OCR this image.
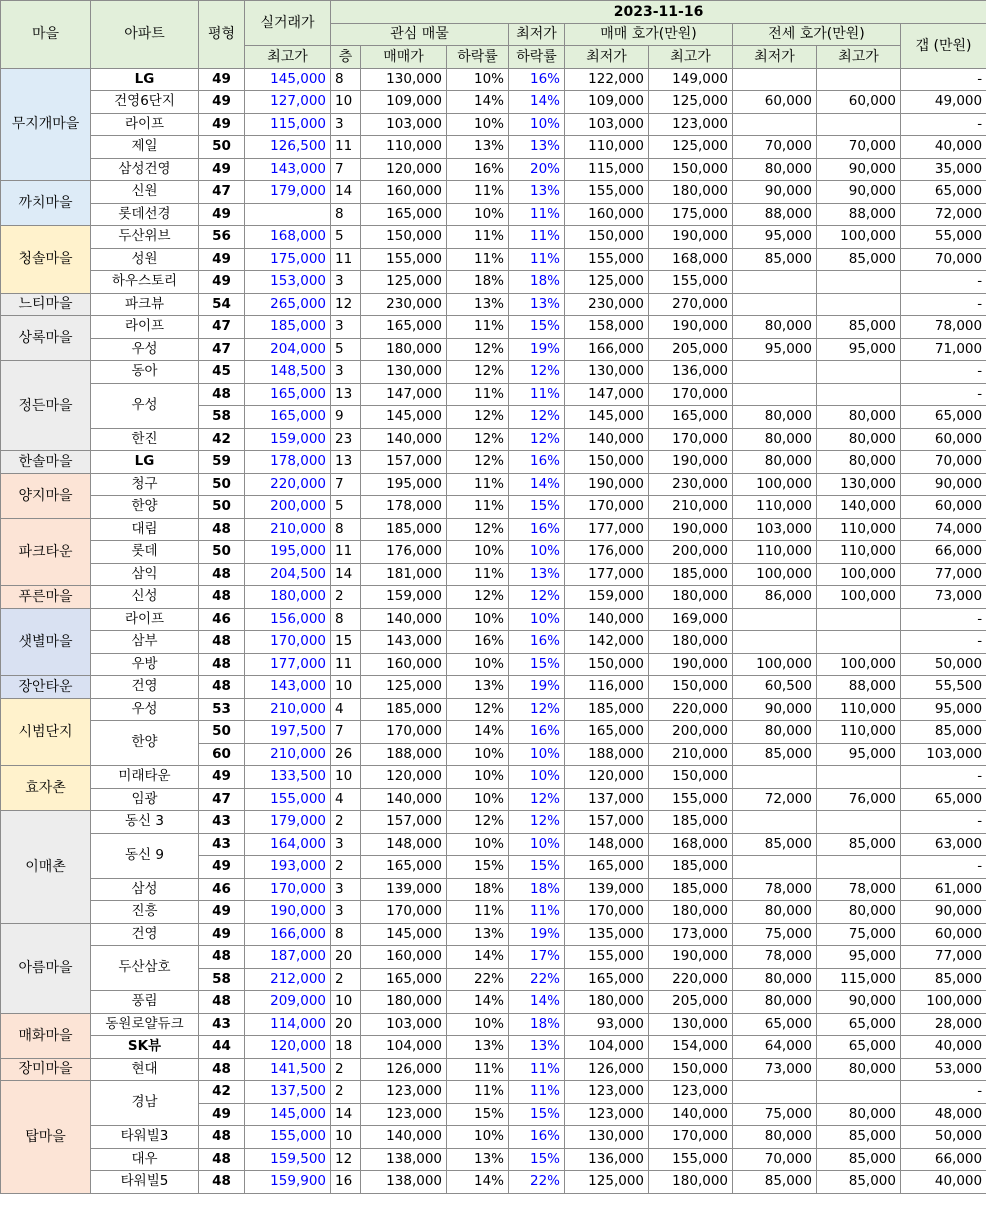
마을	아파트	평형	실거래가	2023-11-16								
				관심 매물			최저가	매매 호가(만원)		전세 호가(만원)		갭 (만원)
			최고가	층	매매가	하락률	하락률	최저가	최고가	최저가	최고가	
무지개마을	LG	49	145,000	8	130,000	10%	16%	122,000	149,000			-
	건영6단지	49	127,000	10	109,000	14%	14%	109,000	125,000	60,000	60,000	49,000
	라이프	49	115,000	3	103,000	10%	10%	103,000	123,000			-
	제일	50	126,500	11	110,000	13%	13%	110,000	125,000	70,000	70,000	40,000
	삼성건영	49	143,000	7	120,000	16%	20%	115,000	150,000	80,000	90,000	35,000
까치마을	신원	47	179,000	14	160,000	11%	13%	155,000	180,000	90,000	90,000	65,000
	롯데선경	49		8	165,000	10%	11%	160,000	175,000	88,000	88,000	72,000
청솔마을	두산위브	56	168,000	5	150,000	11%	11%	150,000	190,000	95,000	100,000	55,000
	성원	49	175,000	11	155,000	11%	11%	155,000	168,000	85,000	85,000	70,000
	하우스토리	49	153,000	3	125,000	18%	18%	125,000	155,000			-
느티마을	파크뷰	54	265,000	12	230,000	13%	13%	230,000	270,000			-
상록마을	라이프	47	185,000	3	165,000	11%	15%	158,000	190,000	80,000	85,000	78,000
	우성	47	204,000	5	180,000	12%	19%	166,000	205,000	95,000	95,000	71,000
정든마을	동아	45	148,500	3	130,000	12%	12%	130,000	136,000			-
	우성	48	165,000	13	147,000	11%	11%	147,000	170,000			-
		58	165,000	9	145,000	12%	12%	145,000	165,000	80,000	80,000	65,000
	한진	42	159,000	23	140,000	12%	12%	140,000	170,000	80,000	80,000	60,000
한솔마을	LG	59	178,000	13	157,000	12%	16%	150,000	190,000	80,000	80,000	70,000
양지마을	청구	50	220,000	7	195,000	11%	14%	190,000	230,000	100,000	130,000	90,000
	한양	50	200,000	5	178,000	11%	15%	170,000	210,000	110,000	140,000	60,000
파크타운	대림	48	210,000	8	185,000	12%	16%	177,000	190,000	103,000	110,000	74,000
	롯데	50	195,000	11	176,000	10%	10%	176,000	200,000	110,000	110,000	66,000
	삼익	48	204,500	14	181,000	11%	13%	177,000	185,000	100,000	100,000	77,000
푸른마을	신성	48	180,000	2	159,000	12%	12%	159,000	180,000	86,000	100,000	73,000
샛별마을	라이프	46	156,000	8	140,000	10%	10%	140,000	169,000			-
	삼부	48	170,000	15	143,000	16%	16%	142,000	180,000			-
	우방	48	177,000	11	160,000	10%	15%	150,000	190,000	100,000	100,000	50,000
장안타운	건영	48	143,000	10	125,000	13%	19%	116,000	150,000	60,500	88,000	55,500
시범단지	우성	53	210,000	4	185,000	12%	12%	185,000	220,000	90,000	110,000	95,000
	한양	50	197,500	7	170,000	14%	16%	165,000	200,000	80,000	110,000	85,000
		60	210,000	26	188,000	10%	10%	188,000	210,000	85,000	95,000	103,000
효자촌	미래타운	49	133,500	10	120,000	10%	10%	120,000	150,000			-
	임광	47	155,000	4	140,000	10%	12%	137,000	155,000	72,000	76,000	65,000
이매촌	동신 3	43	179,000	2	157,000	12%	12%	157,000	185,000			-
	동신 9	43	164,000	3	148,000	10%	10%	148,000	168,000	85,000	85,000	63,000
		49	193,000	2	165,000	15%	15%	165,000	185,000			-
	삼성	46	170,000	3	139,000	18%	18%	139,000	185,000	78,000	78,000	61,000
	진흥	49	190,000	3	170,000	11%	11%	170,000	180,000	80,000	80,000	90,000
아름마을	건영	49	166,000	8	145,000	13%	19%	135,000	173,000	75,000	75,000	60,000
	두산삼호	48	187,000	20	160,000	14%	17%	155,000	190,000	78,000	95,000	77,000
		58	212,000	2	165,000	22%	22%	165,000	220,000	80,000	115,000	85,000
	풍림	48	209,000	10	180,000	14%	14%	180,000	205,000	80,000	90,000	100,000
매화마을	동원로얄듀크	43	114,000	20	103,000	10%	18%	93,000	130,000	65,000	65,000	28,000
	SK뷰	44	120,000	18	104,000	13%	13%	104,000	154,000	64,000	65,000	40,000
장미마을	현대	48	141,500	2	126,000	11%	11%	126,000	150,000	73,000	80,000	53,000
탑마을	경남	42	137,500	2	123,000	11%	11%	123,000	123,000			-
		49	145,000	14	123,000	15%	15%	123,000	140,000	75,000	80,000	48,000
	타워빌3	48	155,000	10	140,000	10%	16%	130,000	170,000	80,000	85,000	50,000
	대우	48	159,500	12	138,000	13%	15%	136,000	155,000	70,000	85,000	66,000
	타워빌5	48	159,900	16	138,000	14%	22%	125,000	180,000	85,000	85,000	40,000
